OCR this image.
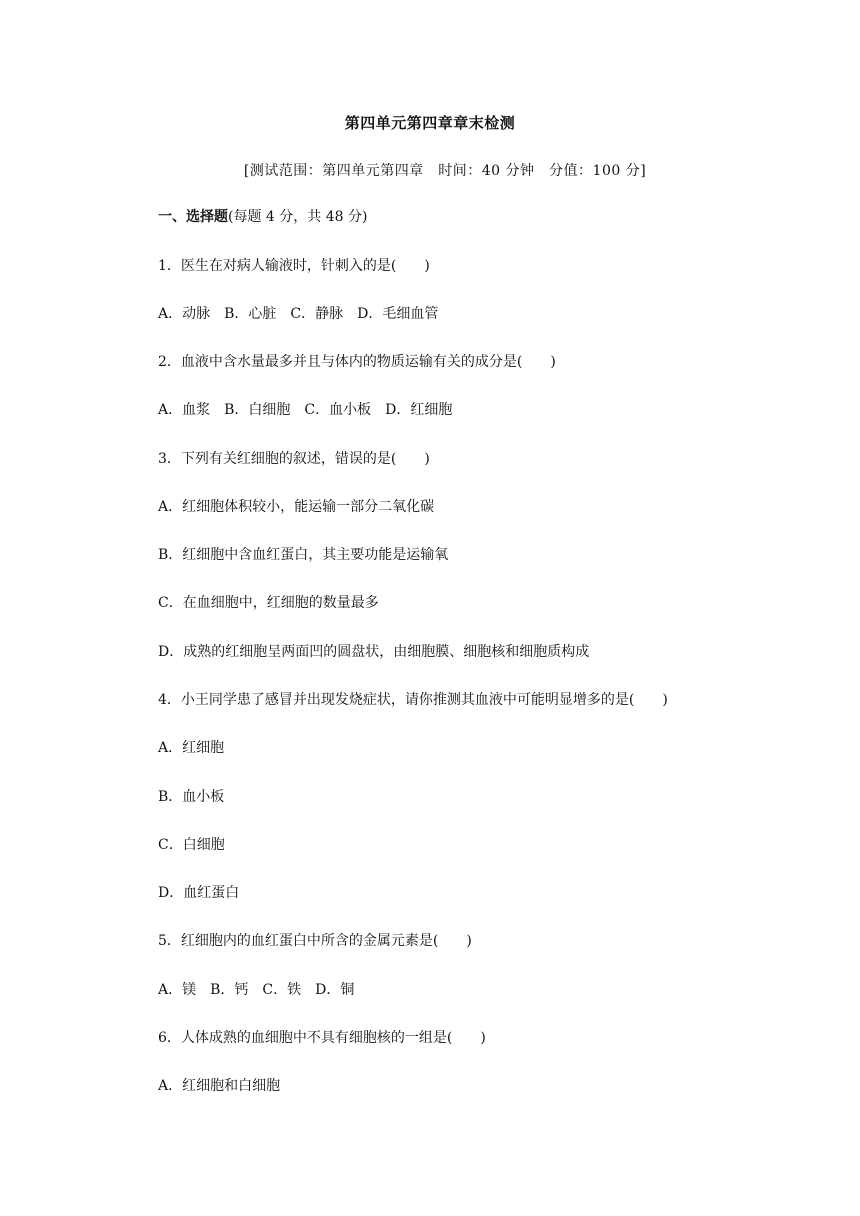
第四单元第四章章末检测
[测试范围：第四单元第四章　时间：40 分钟　分值：100 分]
一、选择题(每题 4 分，共 48 分)
1．医生在对病人输液时，针刺入的是(　　)
A．动脉　B．心脏　C．静脉　D．毛细血管
2．血液中含水量最多并且与体内的物质运输有关的成分是(　　)
A．血浆　B．白细胞　C．血小板　D．红细胞
3．下列有关红细胞的叙述，错误的是(　　)
A．红细胞体积较小，能运输一部分二氧化碳
B．红细胞中含血红蛋白，其主要功能是运输氧
C．在血细胞中，红细胞的数量最多
D．成熟的红细胞呈两面凹的圆盘状，由细胞膜、细胞核和细胞质构成
4．小王同学患了感冒并出现发烧症状，请你推测其血液中可能明显增多的是(　　)
A．红细胞
B．血小板
C．白细胞
D．血红蛋白
5．红细胞内的血红蛋白中所含的金属元素是(　　)
A．镁　B．钙　C．铁　D．铜
6．人体成熟的血细胞中不具有细胞核的一组是(　　)
A．红细胞和白细胞
